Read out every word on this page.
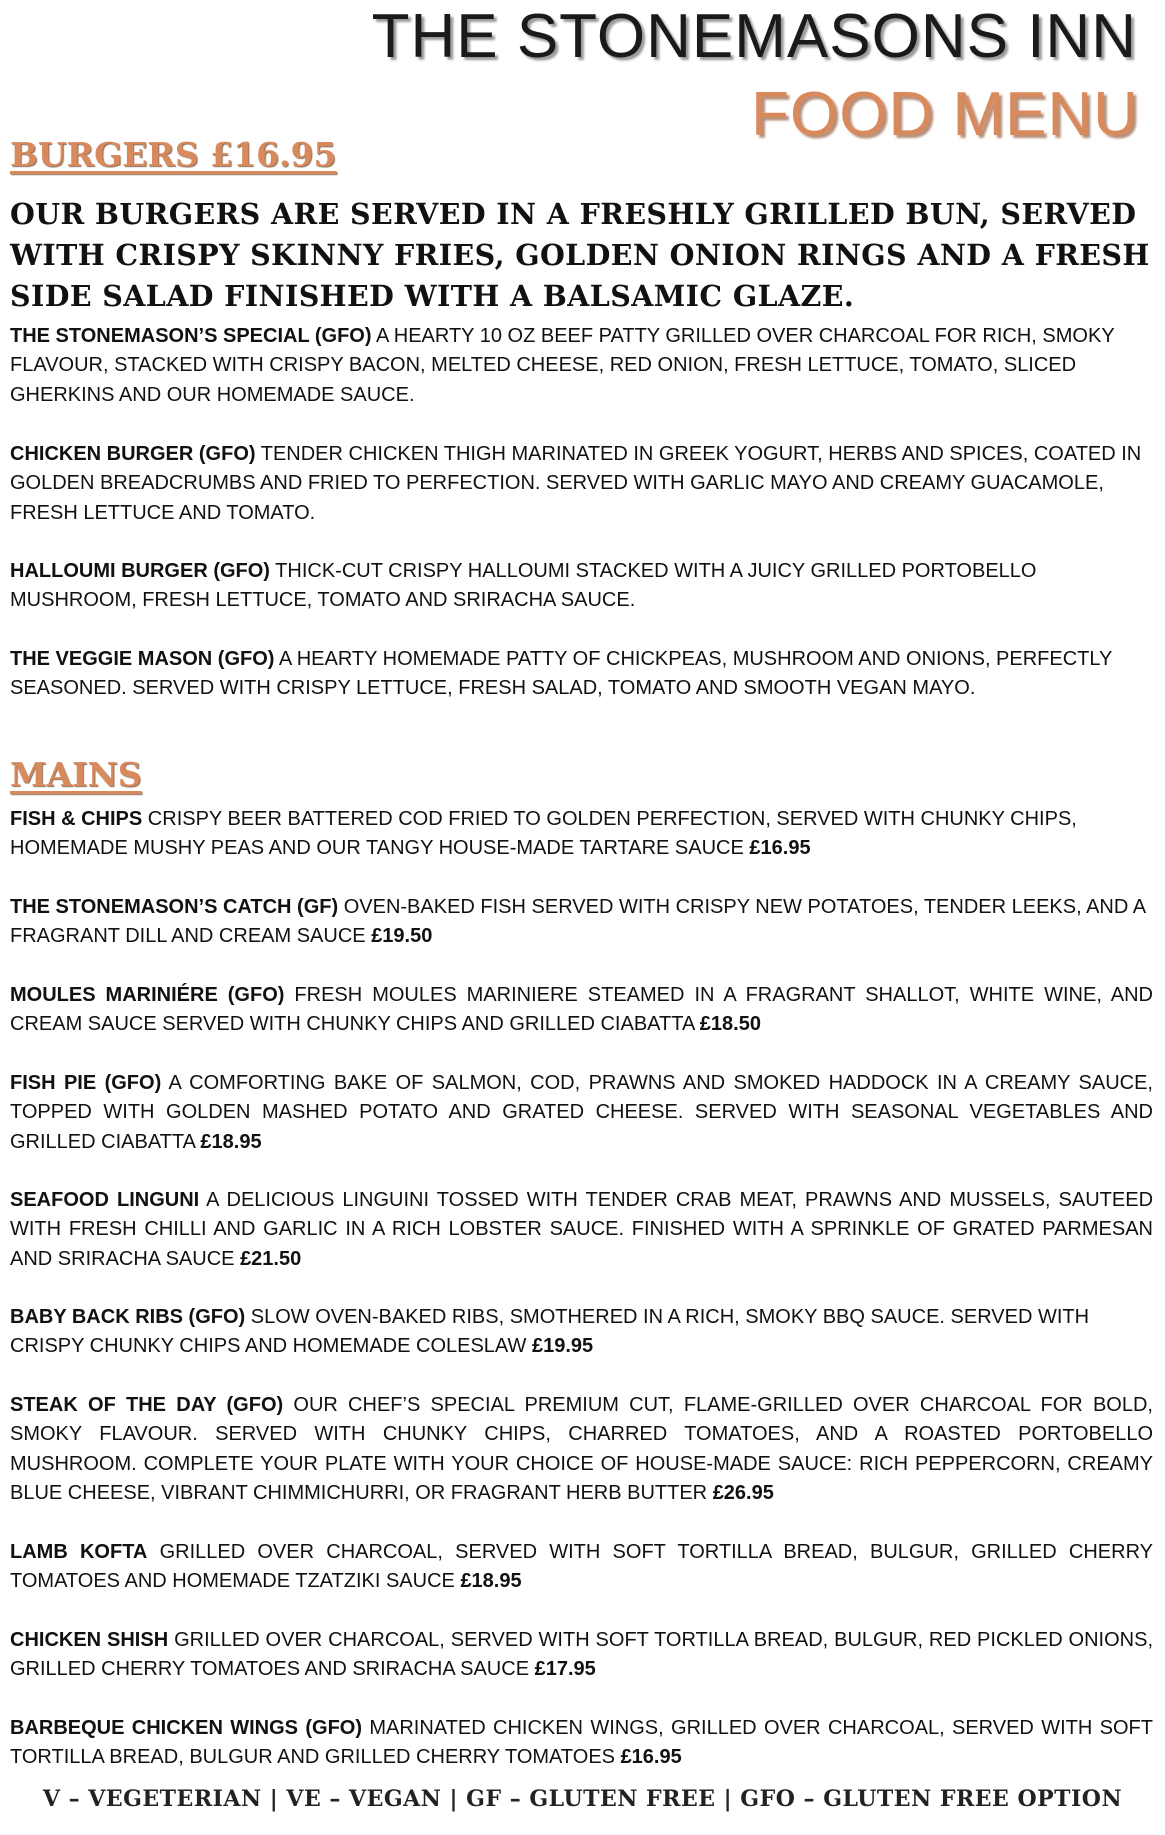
THE STONEMASONS INN
FOOD MENU
BURGERS £16.95
OUR BURGERS ARE SERVED IN A FRESHLY GRILLED BUN, SERVED WITH CRISPY SKINNY FRIES, GOLDEN ONION RINGS AND A FRESH SIDE SALAD FINISHED WITH A BALSAMIC GLAZE.
THE STONEMASON’S SPECIAL (GFO) A HEARTY 10 OZ BEEF PATTY GRILLED OVER CHARCOAL FOR RICH, SMOKY FLAVOUR, STACKED WITH CRISPY BACON, MELTED CHEESE, RED ONION, FRESH LETTUCE, TOMATO, SLICED GHERKINS AND OUR HOMEMADE SAUCE.
CHICKEN BURGER (GFO) TENDER CHICKEN THIGH MARINATED IN GREEK YOGURT, HERBS AND SPICES, COATED IN GOLDEN BREADCRUMBS AND FRIED TO PERFECTION. SERVED WITH GARLIC MAYO AND CREAMY GUACAMOLE, FRESH LETTUCE AND TOMATO.
HALLOUMI BURGER (GFO) THICK-CUT CRISPY HALLOUMI STACKED WITH A JUICY GRILLED PORTOBELLO MUSHROOM, FRESH LETTUCE, TOMATO AND SRIRACHA SAUCE.
THE VEGGIE MASON (GFO) A HEARTY HOMEMADE PATTY OF CHICKPEAS, MUSHROOM AND ONIONS, PERFECTLY SEASONED. SERVED WITH CRISPY LETTUCE, FRESH SALAD, TOMATO AND SMOOTH VEGAN MAYO.
MAINS
FISH & CHIPS CRISPY BEER BATTERED COD FRIED TO GOLDEN PERFECTION, SERVED WITH CHUNKY CHIPS, HOMEMADE MUSHY PEAS AND OUR TANGY HOUSE-MADE TARTARE SAUCE £16.95
THE STONEMASON’S CATCH (GF) OVEN-BAKED FISH SERVED WITH CRISPY NEW POTATOES, TENDER LEEKS, AND A FRAGRANT DILL AND CREAM SAUCE £19.50
MOULES MARINIÉRE (GFO) FRESH MOULES MARINIERE STEAMED IN A FRAGRANT SHALLOT, WHITE WINE, AND CREAM SAUCE SERVED WITH CHUNKY CHIPS AND GRILLED CIABATTA £18.50
FISH PIE (GFO) A COMFORTING BAKE OF SALMON, COD, PRAWNS AND SMOKED HADDOCK IN A CREAMY SAUCE, TOPPED WITH GOLDEN MASHED POTATO AND GRATED CHEESE. SERVED WITH SEASONAL VEGETABLES AND GRILLED CIABATTA £18.95
SEAFOOD LINGUNI A DELICIOUS LINGUINI TOSSED WITH TENDER CRAB MEAT, PRAWNS AND MUSSELS, SAUTEED WITH FRESH CHILLI AND GARLIC IN A RICH LOBSTER SAUCE. FINISHED WITH A SPRINKLE OF GRATED PARMESAN AND SRIRACHA SAUCE £21.50
BABY BACK RIBS (GFO) SLOW OVEN-BAKED RIBS, SMOTHERED IN A RICH, SMOKY BBQ SAUCE. SERVED WITH CRISPY CHUNKY CHIPS AND HOMEMADE COLESLAW £19.95
STEAK OF THE DAY (GFO) OUR CHEF’S SPECIAL PREMIUM CUT, FLAME-GRILLED OVER CHARCOAL FOR BOLD, SMOKY FLAVOUR. SERVED WITH CHUNKY CHIPS, CHARRED TOMATOES, AND A ROASTED PORTOBELLO MUSHROOM. COMPLETE YOUR PLATE WITH YOUR CHOICE OF HOUSE-MADE SAUCE: RICH PEPPERCORN, CREAMY BLUE CHEESE, VIBRANT CHIMMICHURRI, OR FRAGRANT HERB BUTTER £26.95
LAMB KOFTA GRILLED OVER CHARCOAL, SERVED WITH SOFT TORTILLA BREAD, BULGUR, GRILLED CHERRY TOMATOES AND HOMEMADE TZATZIKI SAUCE £18.95
CHICKEN SHISH GRILLED OVER CHARCOAL, SERVED WITH SOFT TORTILLA BREAD, BULGUR, RED PICKLED ONIONS, GRILLED CHERRY TOMATOES AND SRIRACHA SAUCE £17.95
BARBEQUE CHICKEN WINGS (GFO) MARINATED CHICKEN WINGS, GRILLED OVER CHARCOAL, SERVED WITH SOFT TORTILLA BREAD, BULGUR AND GRILLED CHERRY TOMATOES £16.95
V – VEGETERIAN | VE – VEGAN | GF – GLUTEN FREE | GFO – GLUTEN FREE OPTION
